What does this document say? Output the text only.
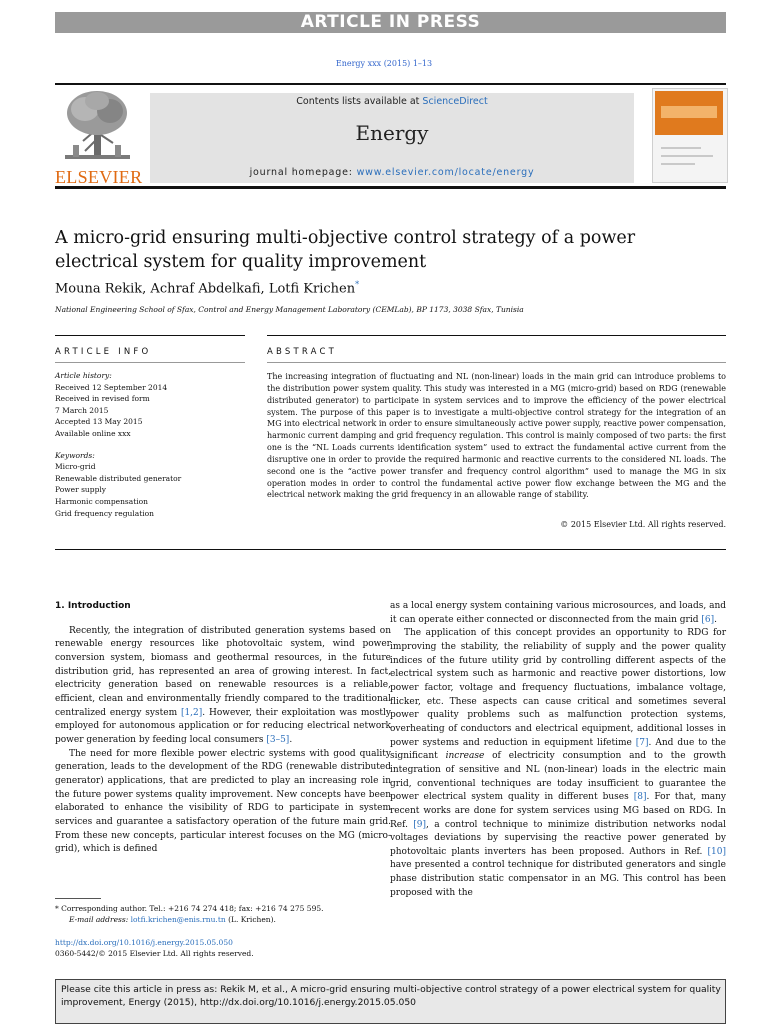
ARTICLE IN PRESS
Energy xxx (2015) 1–13
ELSEVIER
Contents lists available at ScienceDirect
Energy
journal homepage: www.elsevier.com/locate/energy
A micro-grid ensuring multi-objective control strategy of a power electrical system for quality improvement
Mouna Rekik, Achraf Abdelkafi, Lotfi Krichen*
National Engineering School of Sfax, Control and Energy Management Laboratory (CEMLab), BP 1173, 3038 Sfax, Tunisia
ARTICLE INFO	ABSTRACT
Article history:
Received 12 September 2014
Received in revised form
7 March 2015
Accepted 13 May 2015
Available online xxx
Keywords:
Micro-grid
Renewable distributed generator
Power supply
Harmonic compensation
Grid frequency regulation
The increasing integration of fluctuating and NL (non-linear) loads in the main grid can introduce problems to the distribution power system quality. This study was interested in a MG (micro-grid) based on RDG (renewable distributed generator) to participate in system services and to improve the efficiency of the power electrical system. The purpose of this paper is to investigate a multi-objective control strategy for the integration of an MG into electrical network in order to ensure simultaneously active power supply, reactive power compensation, harmonic current damping and grid frequency regulation. This control is mainly composed of two parts: the first one is the “NL Loads currents identification system” used to extract the fundamental active current from the disruptive one in order to provide the required harmonic and reactive currents to the considered NL loads. The second one is the “active power transfer and frequency control algorithm” used to manage the MG in six operation modes in order to control the fundamental active power flow exchange between the MG and the electrical network making the grid frequency in an allowable range of stability.
© 2015 Elsevier Ltd. All rights reserved.

1. Introduction

Recently, the integration of distributed generation systems based on renewable energy resources like photovoltaic system, wind power conversion system, biomass and geothermal resources, in the future distribution grid, has represented an area of growing interest. In fact, electricity generation based on renewable resources is a reliable, efficient, clean and environmentally friendly compared to the traditional centralized energy system [1,2]. However, their exploitation was mostly employed for autonomous application or for reducing electrical network power generation by feeding local consumers [3–5].

The need for more flexible power electric systems with good quality generation, leads to the development of the RDG (renewable distributed generator) applications, that are predicted to play an increasing role in the future power systems quality improvement. New concepts have been elaborated to enhance the visibility of RDG to participate in system services and guarantee a satisfactory operation of the future main grid. From these new concepts, particular interest focuses on the MG (micro-grid), which is defined

as a local energy system containing various microsources, and loads, and it can operate either connected or disconnected from the main grid [6].

The application of this concept provides an opportunity to RDG for improving the stability, the reliability of supply and the power quality indices of the future utility grid by controlling different aspects of the electrical system such as harmonic and reactive power distortions, low power factor, voltage and frequency fluctuations, imbalance voltage, flicker, etc. These aspects can cause critical and sometimes several power quality problems such as malfunction protection systems, overheating of conductors and electrical equipment, additional losses in power systems and reduction in equipment lifetime [7]. And due to the significant increase of electricity consumption and to the growth integration of sensitive and NL (non-linear) loads in the electric main grid, conventional techniques are today insufficient to guarantee the power electrical system quality in different buses [8]. For that, many recent works are done for system services using MG based on RDG. In Ref. [9], a control technique to minimize distribution networks nodal voltages deviations by supervising the reactive power generated by photovoltaic plants inverters has been proposed. Authors in Ref. [10] have presented a control technique for distributed generators and single phase distribution static compensator in an MG. This control has been proposed with the

* Corresponding author. Tel.: +216 74 274 418; fax: +216 74 275 595.
E-mail address: lotfi.krichen@enis.rnu.tn (L. Krichen).
http://dx.doi.org/10.1016/j.energy.2015.05.050
0360-5442/© 2015 Elsevier Ltd. All rights reserved.
Please cite this article in press as: Rekik M, et al., A micro-grid ensuring multi-objective control strategy of a power electrical system for quality improvement, Energy (2015), http://dx.doi.org/10.1016/j.energy.2015.05.050
